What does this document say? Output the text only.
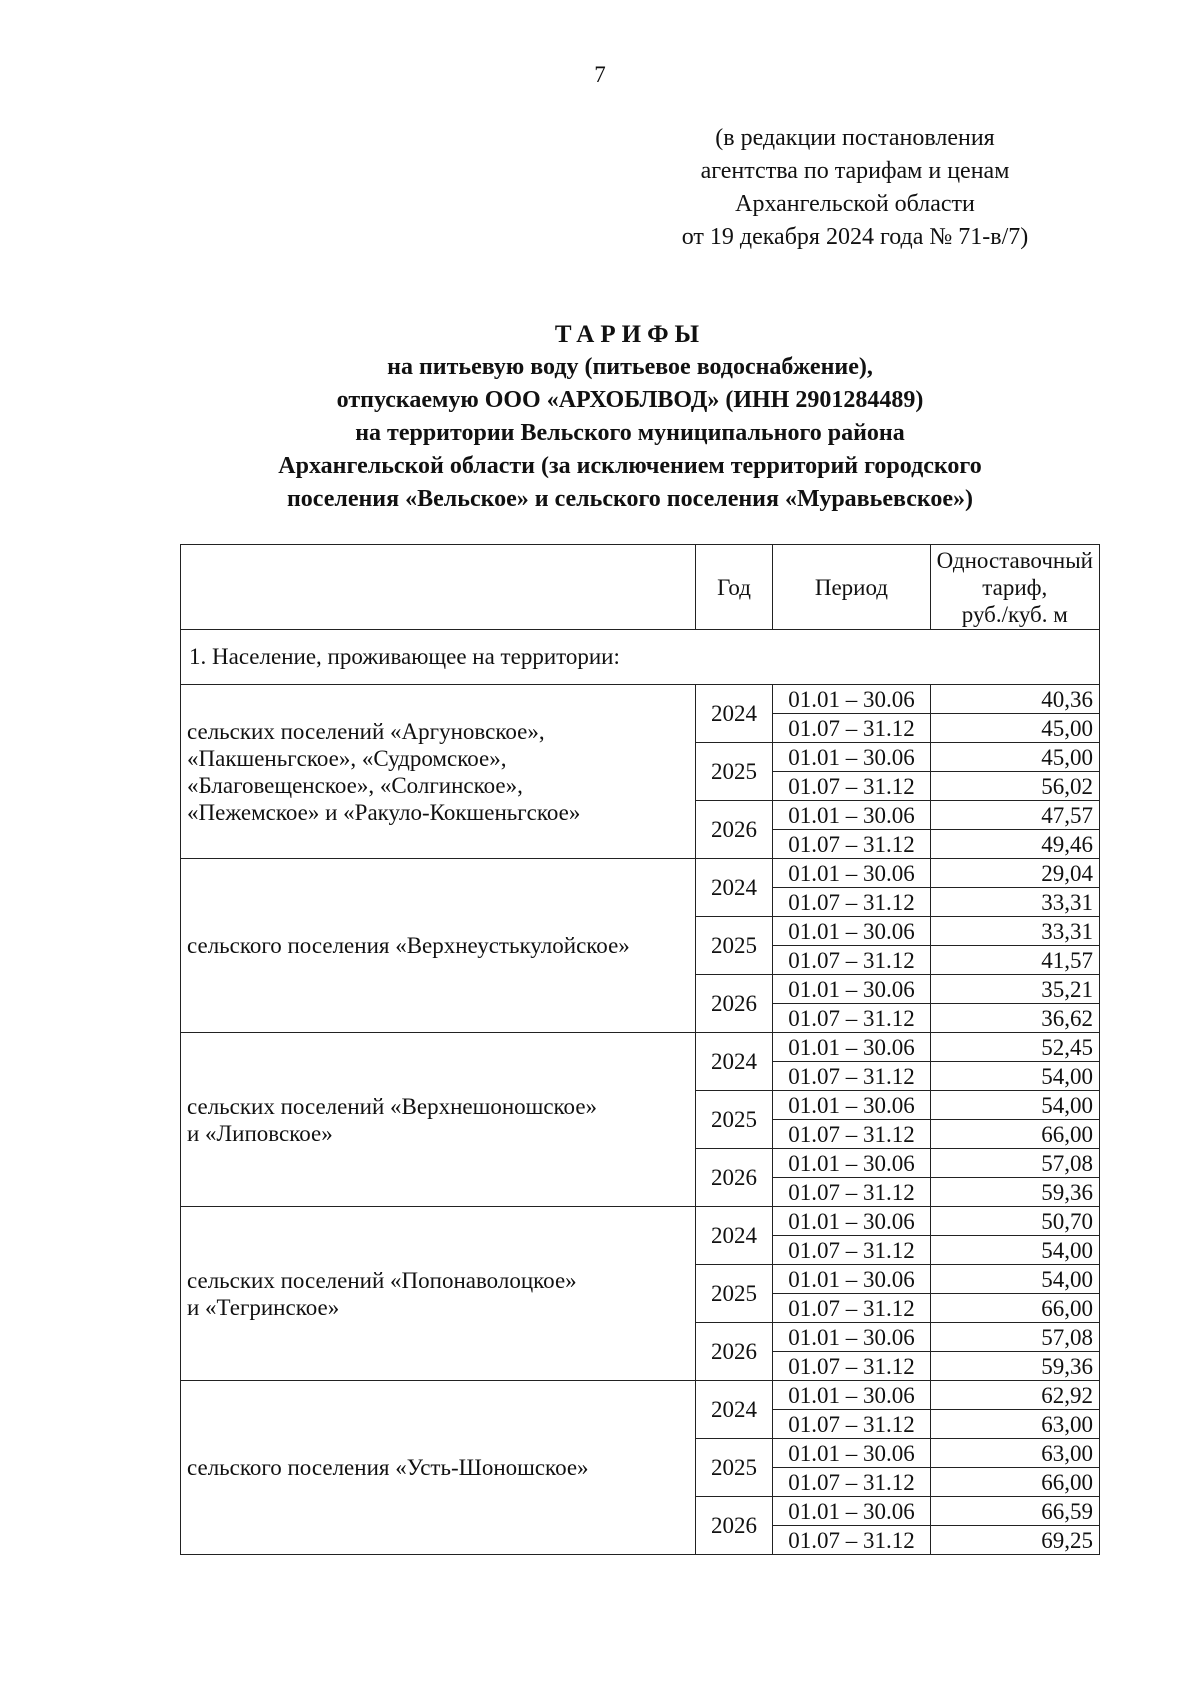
7
(в редакции постановления
агентства по тарифам и ценам
Архангельской области
от 19 декабря 2024 года № 71-в/7)
ТАРИФЫ
на питьевую воду (питьевое водоснабжение),
отпускаемую ООО «АРХОБЛВОД» (ИНН 2901284489)
на территории Вельского муниципального района
Архангельской области (за исключением территорий городского
поселения «Вельское» и сельского поселения «Муравьевское»)
	Год	Период	Одноставочный
тариф,
руб./куб. м

1. Население, проживающее на территории:			

сельских поселений «Аргуновское»,
«Пакшеньгское», «Судромское»,
«Благовещенское», «Солгинское»,
«Пежемское» и «Ракуло-Кокшеньгское»	2024	01.01 – 30.06	40,36
		01.07 – 31.12	45,00
	2025	01.01 – 30.06	45,00
		01.07 – 31.12	56,02
	2026	01.01 – 30.06	47,57
		01.07 – 31.12	49,46

сельского поселения «Верхнеустькулойское»	2024	01.01 – 30.06	29,04
		01.07 – 31.12	33,31
	2025	01.01 – 30.06	33,31
		01.07 – 31.12	41,57
	2026	01.01 – 30.06	35,21
		01.07 – 31.12	36,62

сельских поселений «Верхнешоношское»
и «Липовское»	2024	01.01 – 30.06	52,45
		01.07 – 31.12	54,00
	2025	01.01 – 30.06	54,00
		01.07 – 31.12	66,00
	2026	01.01 – 30.06	57,08
		01.07 – 31.12	59,36

сельских поселений «Попонаволоцкое»
и «Тегринское»	2024	01.01 – 30.06	50,70
		01.07 – 31.12	54,00
	2025	01.01 – 30.06	54,00
		01.07 – 31.12	66,00
	2026	01.01 – 30.06	57,08
		01.07 – 31.12	59,36

сельского поселения «Усть-Шоношское»	2024	01.01 – 30.06	62,92
		01.07 – 31.12	63,00
	2025	01.01 – 30.06	63,00
		01.07 – 31.12	66,00
	2026	01.01 – 30.06	66,59
		01.07 – 31.12	69,25
